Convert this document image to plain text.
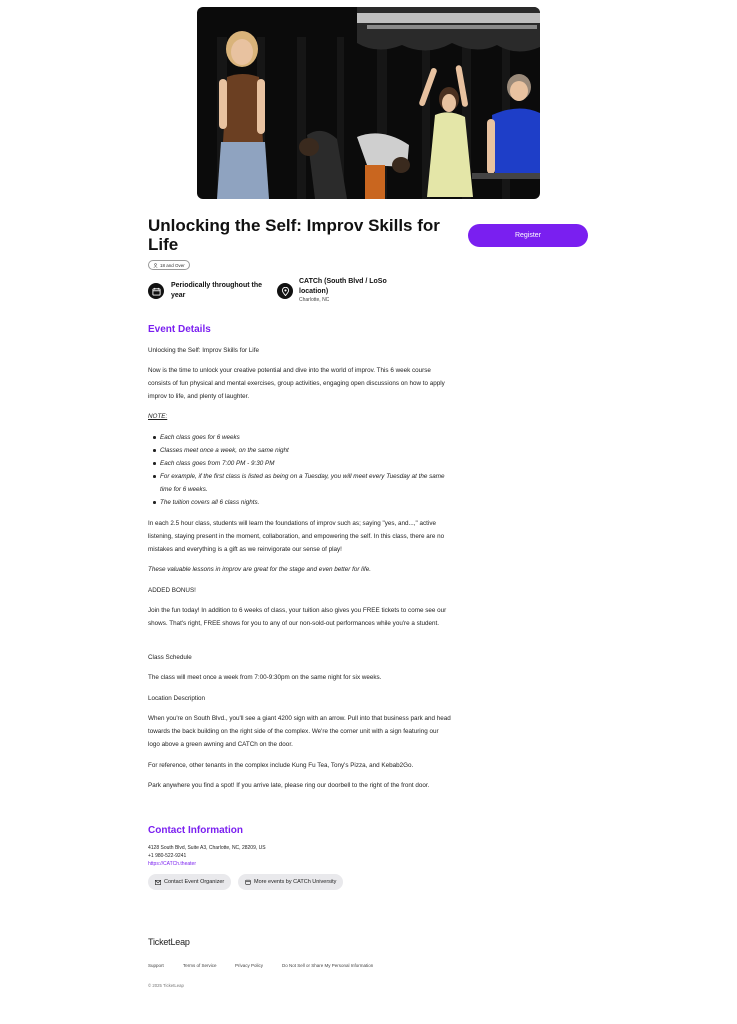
Unlocking the Self: Improv Skills for Life	Register
18 and Over
Periodically throughout the year
CATCh (South Blvd / LoSo location)
Charlotte, NC
Event Details
Unlocking the Self: Improv Skills for Life
Now is the time to unlock your creative potential and dive into the world of improv. This 6 week course consists of fun physical and mental exercises, group activities, engaging open discussions on how to apply improv to life, and plenty of laughter.
NOTE:
Each class goes for 6 weeks
Classes meet once a week, on the same night
Each class goes from 7:00 PM - 9:30 PM
For example, if the first class is listed as being on a Tuesday, you will meet every Tuesday at the same time for 6 weeks.
The tuition covers all 6 class nights.
In each 2.5 hour class, students will learn the foundations of improv such as; saying "yes, and...," active listening, staying present in the moment, collaboration, and empowering the self. In this class, there are no mistakes and everything is a gift as we reinvigorate our sense of play!
These valuable lessons in improv are great for the stage and even better for life.
ADDED BONUS!
Join the fun today! In addition to 6 weeks of class, your tuition also gives you FREE tickets to come see our shows. That's right, FREE shows for you to any of our non-sold-out performances while you're a student.
Class Schedule
The class will meet once a week from 7:00-9:30pm on the same night for six weeks.
Location Description
When you're on South Blvd., you'll see a giant 4200 sign with an arrow. Pull into that business park and head towards the back building on the right side of the complex. We're the corner unit with a sign featuring our logo above a green awning and CATCh on the door.
For reference, other tenants in the complex include Kung Fu Tea, Tony's Pizza, and Kebab2Go.
Park anywhere you find a spot! If you arrive late, please ring our doorbell to the right of the front door.
Contact Information
4128 South Blvd, Suite A3, Charlotte, NC, 28209, US
+1 980-522-9241
https://CATCh.theater
Contact Event Organizer	More events by CATCh University
TicketLeap
Support	Terms of Service	Privacy Policy	Do Not Sell or Share My Personal Information
© 2025 TicketLeap
